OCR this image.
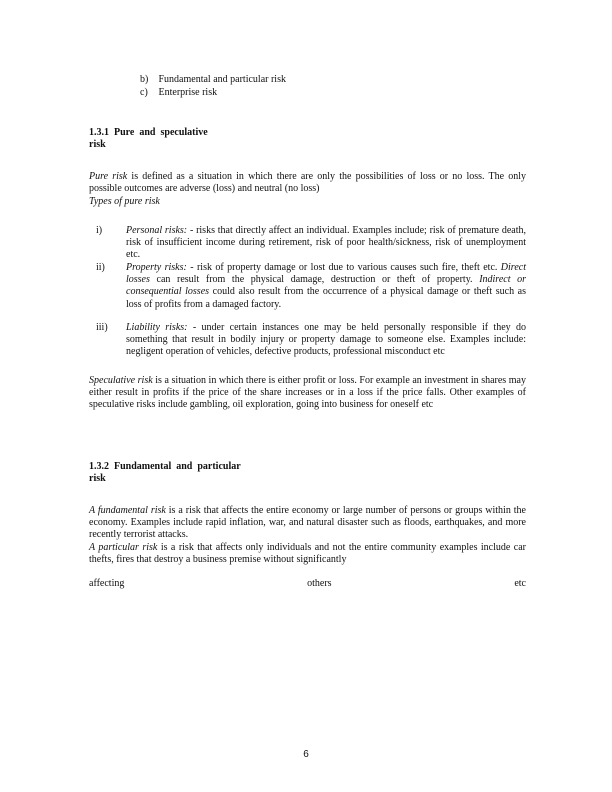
b) Fundamental and particular risk
c) Enterprise risk
1.3.1  Pure  and  speculative
risk
Pure risk is defined as a situation in which there are only the possibilities of loss or no loss. The only possible outcomes are adverse (loss) and neutral (no loss)
Types of pure risk
i)	Personal risks: - risks that directly affect an individual. Examples include; risk of premature death, risk of insufficient income during retirement, risk of poor health/sickness, risk of unemployment etc.
ii)	Property risks: - risk of property damage or lost due to various causes such fire, theft etc. Direct losses can result from the physical damage, destruction or theft of property. Indirect or consequential losses could also result from the occurrence of a physical damage or theft such as loss of profits from a damaged factory.
iii)	Liability risks: - under certain instances one may be held personally responsible if they do something that result in bodily injury or property damage to someone else. Examples include: negligent operation of vehicles, defective products, professional misconduct etc
Speculative risk is a situation in which there is either profit or loss. For example an investment in shares may either result in profits if the price of the share increases or in a loss if the price falls. Other examples of speculative risks include gambling, oil exploration, going into business for oneself etc
1.3.2  Fundamental  and  particular
risk
A fundamental risk is a risk that affects the entire economy or large number of persons or groups within the economy. Examples include rapid inflation, war, and natural disaster such as floods, earthquakes, and more recently terrorist attacks.
A particular risk is a risk that affects only individuals and not the entire community examples include car thefts, fires that destroy a business premise without significantly
affecting	others	etc
6
